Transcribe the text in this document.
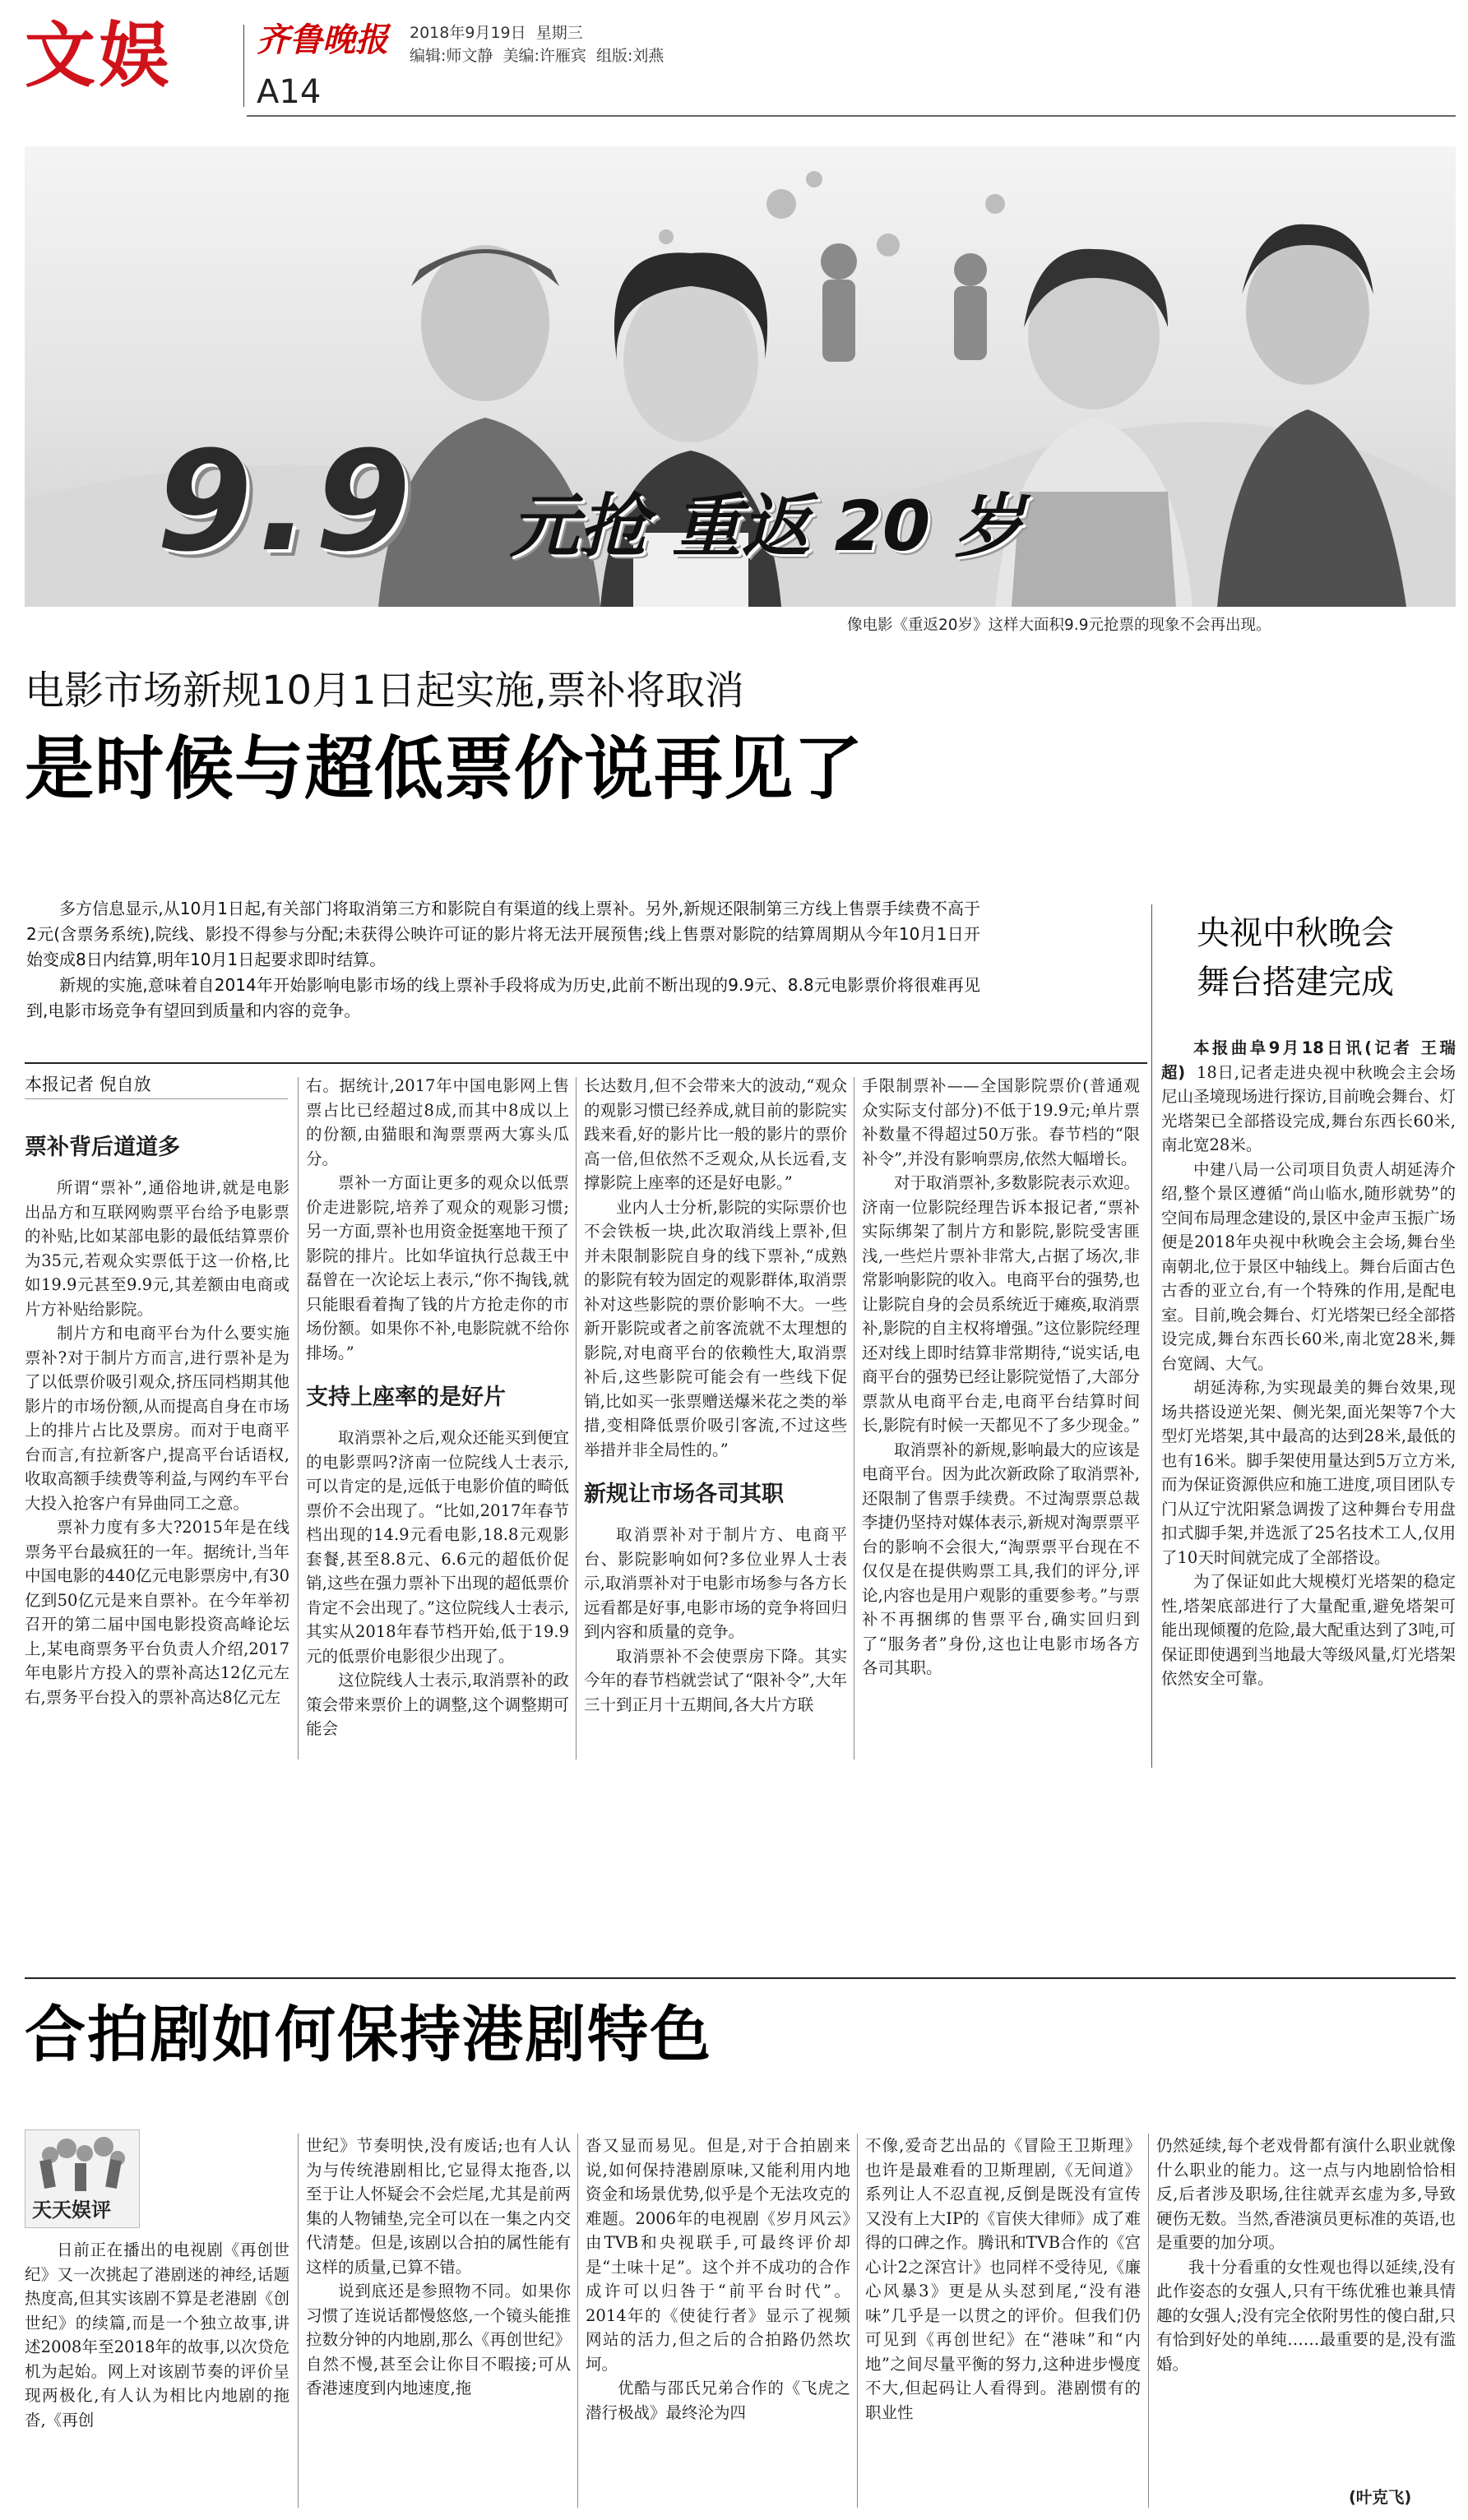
文娱	齐鲁晚报
A14
2018年9月19日 星期三
编辑:师文静 美编:许雁宾 组版:刘燕
9.9 元抢 重返 20 岁
像电影《重返20岁》这样大面积9.9元抢票的现象不会再出现。
电影市场新规10月1日起实施,票补将取消
是时候与超低票价说再见了

多方信息显示,从10月1日起,有关部门将取消第三方和影院自有渠道的线上票补。另外,新规还限制第三方线上售票手续费不高于2元(含票务系统),院线、影投不得参与分配;未获得公映许可证的影片将无法开展预售;线上售票对影院的结算周期从今年10月1日开始变成8日内结算,明年10月1日起要求即时结算。

新规的实施,意味着自2014年开始影响电影市场的线上票补手段将成为历史,此前不断出现的9.9元、8.8元电影票价将很难再见到,电影市场竞争有望回到质量和内容的竞争。

本报记者 倪自放
票补背后道道多

所谓“票补”,通俗地讲,就是电影出品方和互联网购票平台给予电影票的补贴,比如某部电影的最低结算票价为35元,若观众实票低于这一价格,比如19.9元甚至9.9元,其差额由电商或片方补贴给影院。

制片方和电商平台为什么要实施票补?对于制片方而言,进行票补是为了以低票价吸引观众,挤压同档期其他影片的市场份额,从而提高自身在市场上的排片占比及票房。而对于电商平台而言,有拉新客户,提高平台话语权,收取高额手续费等利益,与网约车平台大投入抢客户有异曲同工之意。

票补力度有多大?2015年是在线票务平台最疯狂的一年。据统计,当年中国电影的440亿元电影票房中,有30亿到50亿元是来自票补。在今年举初召开的第二届中国电影投资高峰论坛上,某电商票务平台负责人介绍,2017年电影片方投入的票补高达12亿元左右,票务平台投入的票补高达8亿元左

右。据统计,2017年中国电影网上售票占比已经超过8成,而其中8成以上的份额,由猫眼和淘票票两大寡头瓜分。

票补一方面让更多的观众以低票价走进影院,培养了观众的观影习惯;另一方面,票补也用资金挺塞地干预了影院的排片。比如华谊执行总裁王中磊曾在一次论坛上表示,“你不掏钱,就只能眼看着掏了钱的片方抢走你的市场份额。如果你不补,电影院就不给你排场。”

支持上座率的是好片

取消票补之后,观众还能买到便宜的电影票吗?济南一位院线人士表示,可以肯定的是,远低于电影价值的畸低票价不会出现了。“比如,2017年春节档出现的14.9元看电影,18.8元观影套餐,甚至8.8元、6.6元的超低价促销,这些在强力票补下出现的超低票价肯定不会出现了。”这位院线人士表示,其实从2018年春节档开始,低于19.9元的低票价电影很少出现了。

这位院线人士表示,取消票补的政策会带来票价上的调整,这个调整期可能会

长达数月,但不会带来大的波动,“观众的观影习惯已经养成,就目前的影院实践来看,好的影片比一般的影片的票价高一倍,但依然不乏观众,从长远看,支撑影院上座率的还是好电影。”

业内人士分析,影院的实际票价也不会铁板一块,此次取消线上票补,但并未限制影院自身的线下票补,“成熟的影院有较为固定的观影群体,取消票补对这些影院的票价影响不大。一些新开影院或者之前客流就不太理想的影院,对电商平台的依赖性大,取消票补后,这些影院可能会有一些线下促销,比如买一张票赠送爆米花之类的举措,变相降低票价吸引客流,不过这些举措并非全局性的。”

新规让市场各司其职

取消票补对于制片方、电商平台、影院影响如何?多位业界人士表示,取消票补对于电影市场参与各方长远看都是好事,电影市场的竞争将回归到内容和质量的竞争。

取消票补不会使票房下降。其实今年的春节档就尝试了“限补令”,大年三十到正月十五期间,各大片方联

手限制票补——全国影院票价(普通观众实际支付部分)不低于19.9元;单片票补数量不得超过50万张。春节档的“限补令”,并没有影响票房,依然大幅增长。

对于取消票补,多数影院表示欢迎。济南一位影院经理告诉本报记者,“票补实际绑架了制片方和影院,影院受害匪浅,一些烂片票补非常大,占据了场次,非常影响影院的收入。电商平台的强势,也让影院自身的会员系统近于瘫痪,取消票补,影院的自主权将增强。”这位影院经理还对线上即时结算非常期待,“说实话,电商平台的强势已经让影院觉悟了,大部分票款从电商平台走,电商平台结算时间长,影院有时候一天都见不了多少现金。”

取消票补的新规,影响最大的应该是电商平台。因为此次新政除了取消票补,还限制了售票手续费。不过淘票票总裁李捷仍坚持对媒体表示,新规对淘票票平台的影响不会很大,“淘票票平台现在不仅仅是在提供购票工具,我们的评分,评论,内容也是用户观影的重要参考。”与票补不再捆绑的售票平台,确实回归到了“服务者”身份,这也让电影市场各方各司其职。

央视中秋晚会
舞台搭建完成

本报曲阜9月18日讯(记者 王瑞超) 18日,记者走进央视中秋晚会主会场尼山圣境现场进行探访,目前晚会舞台、灯光塔架已全部搭设完成,舞台东西长60米,南北宽28米。

中建八局一公司项目负责人胡延涛介绍,整个景区遵循“尚山临水,随形就势”的空间布局理念建设的,景区中金声玉振广场便是2018年央视中秋晚会主会场,舞台坐南朝北,位于景区中轴线上。舞台后面古色古香的亚立台,有一个特殊的作用,是配电室。目前,晚会舞台、灯光塔架已经全部搭设完成,舞台东西长60米,南北宽28米,舞台宽阔、大气。

胡延涛称,为实现最美的舞台效果,现场共搭设逆光架、侧光架,面光架等7个大型灯光塔架,其中最高的达到28米,最低的也有16米。脚手架使用量达到5万立方米,而为保证资源供应和施工进度,项目团队专门从辽宁沈阳紧急调拨了这种舞台专用盘扣式脚手架,并选派了25名技术工人,仅用了10天时间就完成了全部搭设。

为了保证如此大规模灯光塔架的稳定性,塔架底部进行了大量配重,避免塔架可能出现倾覆的危险,最大配重达到了3吨,可保证即使遇到当地最大等级风量,灯光塔架依然安全可靠。

合拍剧如何保持港剧特色
天天娱评

日前正在播出的电视剧《再创世纪》又一次挑起了港剧迷的神经,话题热度高,但其实该剧不算是老港剧《创世纪》的续篇,而是一个独立故事,讲述2008年至2018年的故事,以次贷危机为起始。网上对该剧节奏的评价呈现两极化,有人认为相比内地剧的拖沓,《再创

世纪》节奏明快,没有废话;也有人认为与传统港剧相比,它显得太拖沓,以至于让人怀疑会不会烂尾,尤其是前两集的人物铺垫,完全可以在一集之内交代清楚。但是,该剧以合拍的属性能有这样的质量,已算不错。

说到底还是参照物不同。如果你习惯了连说话都慢悠悠,一个镜头能推拉数分钟的内地剧,那么《再创世纪》自然不慢,甚至会让你目不暇接;可从香港速度到内地速度,拖

沓又显而易见。但是,对于合拍剧来说,如何保持港剧原味,又能利用内地资金和场景优势,似乎是个无法攻克的难题。2006年的电视剧《岁月风云》由TVB和央视联手,可最终评价却是“土味十足”。这个并不成功的合作成许可以归咎于“前平台时代”。2014年的《使徒行者》显示了视频网站的活力,但之后的合拍路仍然坎坷。

优酷与邵氏兄弟合作的《飞虎之潜行极战》最终沦为四

不像,爱奇艺出品的《冒险王卫斯理》也许是最难看的卫斯理剧,《无间道》系列让人不忍直视,反倒是既没有宣传又没有上大IP的《盲侠大律师》成了难得的口碑之作。腾讯和TVB合作的《宫心计2之深宫计》也同样不受待见,《廉心风暴3》更是从头怼到尾,“没有港味”几乎是一以贯之的评价。但我们仍可见到《再创世纪》在“港味”和“内地”之间尽量平衡的努力,这种进步慢度不大,但起码让人看得到。港剧惯有的职业性

仍然延续,每个老戏骨都有演什么职业就像什么职业的能力。这一点与内地剧恰恰相反,后者涉及职场,往往就弄玄虚为多,导致硬伤无数。当然,香港演员更标准的英语,也是重要的加分项。

我十分看重的女性观也得以延续,没有此作姿态的女强人,只有干练优雅也兼具情趣的女强人;没有完全依附男性的傻白甜,只有恰到好处的单纯……最重要的是,没有滥婚。

(叶克飞)
